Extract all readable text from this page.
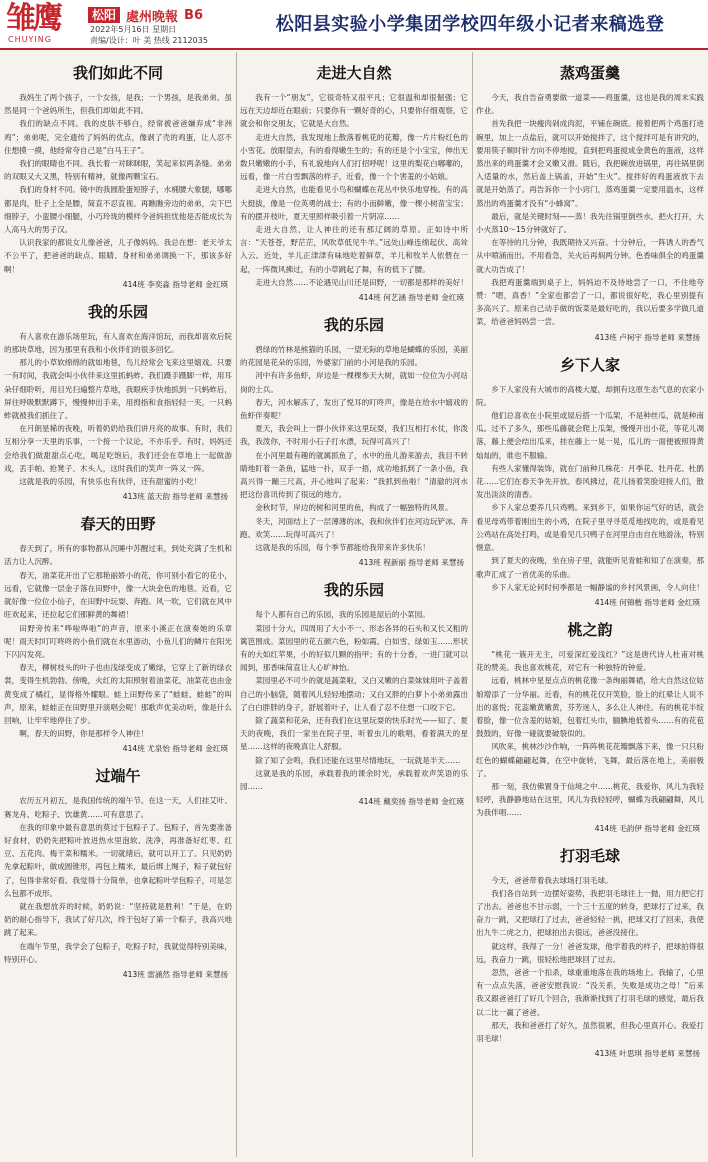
雏鹰
CHUYING
松阳 處州晚報 B6
2022年5月16日 星期日
责编/设计：叶 美 热线 2112035
松阳县实验小学集团学校四年级小记者来稿选登
我们如此不同

我妈生了两个孩子，一个女孩，是我；一个男孩，是我弟弟。虽然是同一个爸妈所生，但我们却如此不同。

我们的缺点不同。我的皮肤不够白，经常被爸爸嫌弃成“非洲鸡”；弟弟呢，完全遗传了妈妈的优点，像剥了壳的鸡蛋，让人忍不住想摸一摸，他经常夸自己是“白马王子”。

我们的眼睛也不同。我长着一对眯眯眼，笑起来似两条缝。弟弟的双眼又大又黑，特别有精神，就像两颗宝石。

我们的身材不同。镜中的我圆脸蛋短脖子，水桶腰大象腿，哪哪都是肉，肚子上全是膘，简直不忍直视。再瞧瞧旁边的弟弟，尖下巴细脖子，小蛮腰小细腿，小巧玲珑的模样令爸妈担忧他是否能成长为人高马大的男子汉。

认识我家的都说女儿像爸爸，儿子像妈妈。我总在想：老天爷太不公平了，把爸爸的缺点、眼睛、身材和弟弟调换一下，那该多好啊！

414班 李奕淼 指导老师 金红瑛
我的乐园

有人喜欢在游乐场里玩，有人喜欢在海洋馆玩，而我却喜欢后院的那块草地，因为那里有我和小伙伴们的很多回忆。

那儿的小草软绵绵的就如地毯，鸟儿经常会飞来这里嬉戏。只要一有时间，我就会叫小伙伴来这里抓蚂蚱。我们蹑手蹑脚一样，用耳朵仔细聆听，用目光扫遍整片草地，我眼疾手快地抓到一只蚂蚱后，屏住呼吸默默蹲下，慢慢伸出手来，用拇指和食指轻轻一夹，一只蚂蚱就被我们抓住了。

在月朗星稀的夜晚，听着奶奶给我们讲月亮的故事。有时，我们互相分享一天里的乐事，一个接一个议论，不亦乐乎。有时，妈妈还会给我们做甜甜点心吃，喝足吃饱后，我们还会在草地上一起做游戏，丢手帕、抢凳子、木头人，这时我们的笑声一阵又一阵。

这就是我的乐园，有快乐也有伙伴，还有甜蜜的小吃！

413班 蓝天韵 指导老师 来慧扬
春天的田野

春天到了，所有的事物都从沉睡中苏醒过来，到处充满了生机和活力让人沉醉。

春天，油菜花开出了它那艳丽娇小的花，你可别小看它的花小，远看，它就像一层金子落在田野中，像一大块金色的地毯。近看，它就好像一位位小仙子，在田野中玩耍、奔跑。风一吹，它们就在风中旺欢起来，还拉起它们那鲜黄的舞裙！

田野旁传来“哗啦哗啦”的声音，原来小溪正在演奏她的乐章呢！雨天时叮叮咚咚的小鱼们就在水里游动，小鱼儿们的鳞片在阳光下闪闪发亮。

春天，柳树枝头的叶子也由浅绿变成了嫩绿，它穿上了新的绿衣裳，变得生机勃勃。傍晚，火红的太阳照射着油菜花，油菜花也由金黄变成了橘红，显得格外耀眼。蛙上田野传来了“蛙蛙、蛙蛙”的叫声，原来，蛙蛙正在田野里开演唱会呢！那歌声优美动听，像是什么回响，让牢牢地停住了步。

啊，春天的田野，你是那样令人神往！

414班 尤泉怡 指导老师 金红瑛
过端午

农历五月初五，是我国传统的端午节。在这一天，人们挂艾叶、赛龙舟、吃粽子、饮雄黄……可有意思了。

在我的印象中最有意思的莫过于包粽子了。包粽子，首先要准备好食材，奶奶先把粽叶放进热水里泡软、洗净，再准备好红枣、红豆、五花肉、梅干菜和糯米。一切就绪后，就可以开工了。只见奶奶先拿起粽叶，做成圆锥形，再包上糯米，最后绑上绳子，粽子就包好了，包得非常好看。我觉得十分简单，也拿起粽叶学包粽子，可是怎么包都不成形。

就在我想放弃的时候，奶奶说：“坚持就是胜利！”于是，在奶奶的耐心指导下，我试了好几次，终于包好了第一个粽子，我高兴地跳了起来。

在端午节里，我学会了包粽子，吃粽子时，我就觉得特别美味，特别开心。

413班 雷涵然 指导老师 来慧扬
走进大自然

我有一个“朋友”，它很奇特又很平凡；它很温和却很倔强；它远在天边却近在眼前；只要你有一颗好奇的心，只要你仔细观察，它就会和你交朋友，它就是大自然。

走进大自然，我发现地上散落着桃花的花瓣，像一片片粉红色的小雪花。放眼望去，有的看得嫩生生的；有的还是个小宝宝，伸出无数只嫩嫩的小手，有礼貌地向人们打招呼呢！这里的梨花白嘟嘟的，远看，像一片白雪飘落的样子，近看，像一个个害羞的小姑娘。

走进大自然，也能看见小鸟和蝴蝶在花丛中快乐地穿梭。有的高大挺拔，像是一位英勇的战士；有的小而鲜嫩，像一棵小树苗宝宝；有的摆开枝叶，夏天里照样吸引着一片阴凉……

走进大自然，让人神往的还有那辽阔的草原。正如诗中所言：“天苍苍，野茫茫，风吹草低见牛羊。”远处山峰连绵起伏、高耸入云。近处，羊儿正津津有味地吃着鲜草，羊儿和牧羊人依偎在一起，一阵微风拂过，有的小草跳起了舞，有的低下了腰。

走进大自然……不论遇见山川还是田野，一切都是那样的美好！

414班 何艺涵 指导老师 金红瑛
我的乐园

碧绿的竹林是熊猫的乐园，一望无际的草地是蝴蝶的乐园，美丽的花园是花朵的乐园，外婆家门前的小河是我的乐园。

河中有许多鱼虾，岸边是一棵棵参天大树，就如一位位为小河站岗的士兵。

春天，河水解冻了，发出了悦耳的叮咚声，像是在给水中嬉戏的鱼虾伴奏呢！

夏天，我会叫上一群小伙伴来这里玩耍，我们互相打水仗，你泼我，我泼你，不时用小石子打水漂，玩得可高兴了！

在小河里最有趣的就属抓鱼了，水中的鱼儿游来游去，我目不转睛地盯着一条鱼，猛地一扑，双手一捂，成功地抓到了一条小鱼，我高兴得一蹦三尺高，开心地叫了起来：“我抓到鱼啦！”清澈的河水把这份喜讯传到了很远的地方。

金秋时节，岸边的树和河里的鱼，构成了一幅独特的风景。

冬天，河面结上了一层薄薄的冰，我和伙伴们在河边玩铲冰、奔跑、欢笑……玩得可高兴了！

这就是我的乐园，每个季节都能给我带来许多快乐！

413班 程新丽 指导老师 来慧扬
我的乐园

每个人都有自己的乐园，我的乐园是屋后的小菜园。

菜园十分大，四周用了大小不一、形态各异的石头和又长又粗的篱笆围成。菜园里的花五颜六色，粉如霞、白如雪、绿如玉……形状有的大如红苹果，小的好似几颗的指甲；有的十分香，一进门就可以闻到，那香味简直让人心旷神怡。

菜园里必不可少的就是蔬菜啦，又白又嫩的白菜妹妹用叶子盖着自己的小脑袋，随着风儿轻轻地摆动；又白又胖的白萝卜小弟弟露出了白白胖胖的身子，舒展着叶子，让人看了忍不住想一口咬下它。

除了蔬菜和花朵，还有我们在这里玩耍的快乐时光——知了、夏天的夜晚，我们一家坐在院子里，听着虫儿的歌唱，看着满天的星星……这样的夜晚真让人舒服。

除了知了会鸣，我们还能在这里尽情地玩，一玩就是半天……

这就是我的乐园，承载着我的课余时光，承载着欢声笑语的乐园……

414班 戴奕扬 指导老师 金红瑛
蒸鸡蛋羹

今天，我自告奋勇要做一道菜——鸡蛋羹，这也是我的周末实践作业。

首先我把一块瘦肉剁成肉泥，平铺在碗底。接着把两个鸡蛋打进碗里，加上一点盐后，就可以开始搅拌了，这个搅拌可是有讲究的，要用筷子顺时针方向不停地搅，直到把鸡蛋搅成金黄色的蛋液，这样蒸出来的鸡蛋羹才会又嫩又滑。随后，我把碗放进锅里，再往锅里倒入适量的水，然后盖上锅盖，开始“生火”。搅拌好的鸡蛋液放下去就是开始蒸了。再告诉你一个小窍门，蒸鸡蛋羹一定要用温水，这样蒸出的鸡蛋羹才没有“小蜂窝”。

最后，就是关键时刻——蒸！我先往锅里倒些水，把火打开，大小火蒸10～15分钟就好了。

在等待的几分钟，我既期待又兴奋。十分钟后，一阵诱人的香气从中喷涌而出。不用看急，关火后再焖两分钟。色香味俱全的鸡蛋羹就大功告成了！

我把鸡蛋羹端到桌子上，妈妈迫不及待地尝了一口，不住地夸赞：“嗯，真香！”全家也都尝了一口，都说很好吃，我心里别提有多高兴了。原来自己动手做的饭菜是最好吃的，我以后要多学做几道菜，给爸爸妈妈尝一尝。

413班 卢柯宇 指导老师 来慧扬
乡下人家

乡下人家没有大城市的高楼大厦，却拥有这原生态气息的农家小院。

他们总喜欢在小院里或屋后搭一个瓜架，不是种丝瓜，就是种南瓜。过不了多久，那些瓜藤就会爬上瓜架，慢慢开出小花，等花儿凋落，藤上便会结出瓜来，挂在藤上一晃一晃，瓜儿的一面便被照得黄灿灿的，谁也不服输。

有些人家懂得装饰，就在门前种几株花：月季花、牡丹花、杜鹃花……它们在春天争先开放。春风拂过，花儿扬着笑脸迎接人们，散发出淡淡的清香。

乡下人家总要养几只鸡鸭。来到乡下，如果你运气好的话，就会看见母鸡带着刚出生的小鸡，在院子里寻寻觅觅地找吃的，或是看见公鸡站在高处打鸣，或是看见几只鸭子在河里自由自在地游泳，特别惬意。

到了夏天的夜晚，坐在房子里，就能听见青蛙和知了在演奏，那歌声汇成了一首优美的乐曲。

乡下人家无论何时何季都是一幅静谧的乡村风景画，令人向往！

414班 何锦楷 指导老师 金红瑛
桃之韵

“桃花一簇开无主，可爱深红爱浅红？”这是唐代诗人杜甫对桃花的赞美。我也喜欢桃花，对它有一种独特的钟爱。

远看，桃林中星星点点的桃花像一条绚丽舞裙，给大自然这位姑娘增添了一分华丽。近看，有的桃花仅开笑脸，脸上的红晕让人说不出的喜悦；花蕊嫩黄嫩黄，芬芳迷人，多么让人神往。有的桃花半绽着脸，像一位含羞的姑娘，包着红头巾，腼腆地低着头……有的花苞鼓鼓的，好像一碰就要破裂似的。

风吹来，桃林沙沙作响，一阵阵桃花花瓣飘落下来，像一只只粉红色的蝴蝶翩翩起舞，在空中旋转，飞舞，最后落在地上，美丽极了。

那一刻，我仿佛置身于仙境之中……桃花，我爱你，风儿为我轻轻哼，我静静地站在这里，风儿为我轻轻哼，蝴蝶为我翩翩舞，风儿为我伴唱……

414班 毛韵伊 指导老师 金红瑛
打羽毛球

今天，爸爸带着我去球场打羽毛球。

我们各自站到一边摆好姿势，我把羽毛球往上一抛，用力把它打了出去。爸爸也不甘示弱，一个三十五度的转身，把球打了过来，我奋力一跳，又把球打了过去，爸爸轻轻一挑，把球又打了回来，我使出九牛二虎之力，把球拍出去很远，爸爸没接住。

就这样，我得了一分！爸爸发球，他学着我的样子，把球拍得很远，我奋力一跳，很轻松地把球回了过去。

忽然，爸爸一个扣杀，球重重地落在我的场地上。我输了，心里有一点点失落，爸爸安慰我说：“没关系，失败是成功之母！”后来我又跟爸爸打了好几个回合，我渐渐找到了打羽毛球的感觉，最后我以二比一赢了爸爸。

那天，我和爸爸打了好久，虽然很累，但我心里真开心。我爱打羽毛球！

413班 叶思琪 指导老师 来慧扬
